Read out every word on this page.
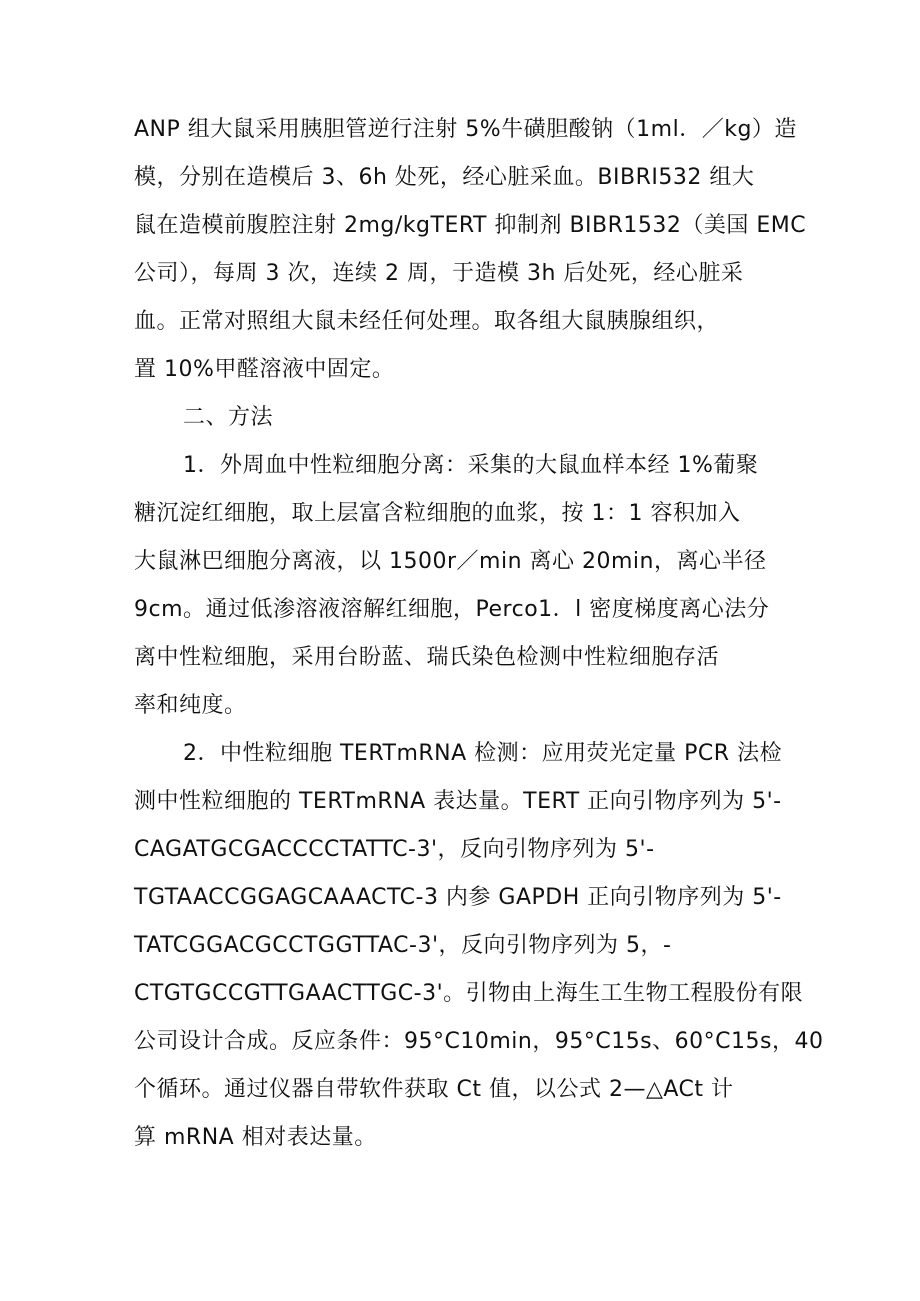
ANP 组大鼠采用胰胆管逆行注射 5%牛磺胆酸钠（1ml．／kg）造
模，分别在造模后 3、6h 处死，经心脏采血。BIBRI532 组大
鼠在造模前腹腔注射 2mg/kgTERT 抑制剂 BIBR1532（美国 EMC
公司），每周 3 次，连续 2 周，于造模 3h 后处死，经心脏采
血。正常对照组大鼠未经任何处理。取各组大鼠胰腺组织，
置 10%甲醛溶液中固定。
二、方法
1．外周血中性粒细胞分离：采集的大鼠血样本经 1%葡聚
糖沉淀红细胞，取上层富含粒细胞的血浆，按 1：1 容积加入
大鼠淋巴细胞分离液，以 1500r／min 离心 20min，离心半径
9cm。通过低渗溶液溶解红细胞，Perco1．l 密度梯度离心法分
离中性粒细胞，采用台盼蓝、瑞氏染色检测中性粒细胞存活
率和纯度。
2．中性粒细胞 TERTmRNA 检测：应用荧光定量 PCR 法检
测中性粒细胞的 TERTmRNA 表达量。TERT 正向引物序列为 5'-
CAGATGCGACCCCTATTC-3'，反向引物序列为 5'-
TGTAACCGGAGCAAACTC-3 内参 GAPDH 正向引物序列为 5'-
TATCGGACGCCTGGTTAC-3'，反向引物序列为 5，-
CTGTGCCGTTGAACTTGC-3'。引物由上海生工生物工程股份有限
公司设计合成。反应条件：95°C10min，95°C15s、60°C15s，40
个循环。通过仪器自带软件获取 Ct 值，以公式 2—△ACt 计
算 mRNA 相对表达量。
